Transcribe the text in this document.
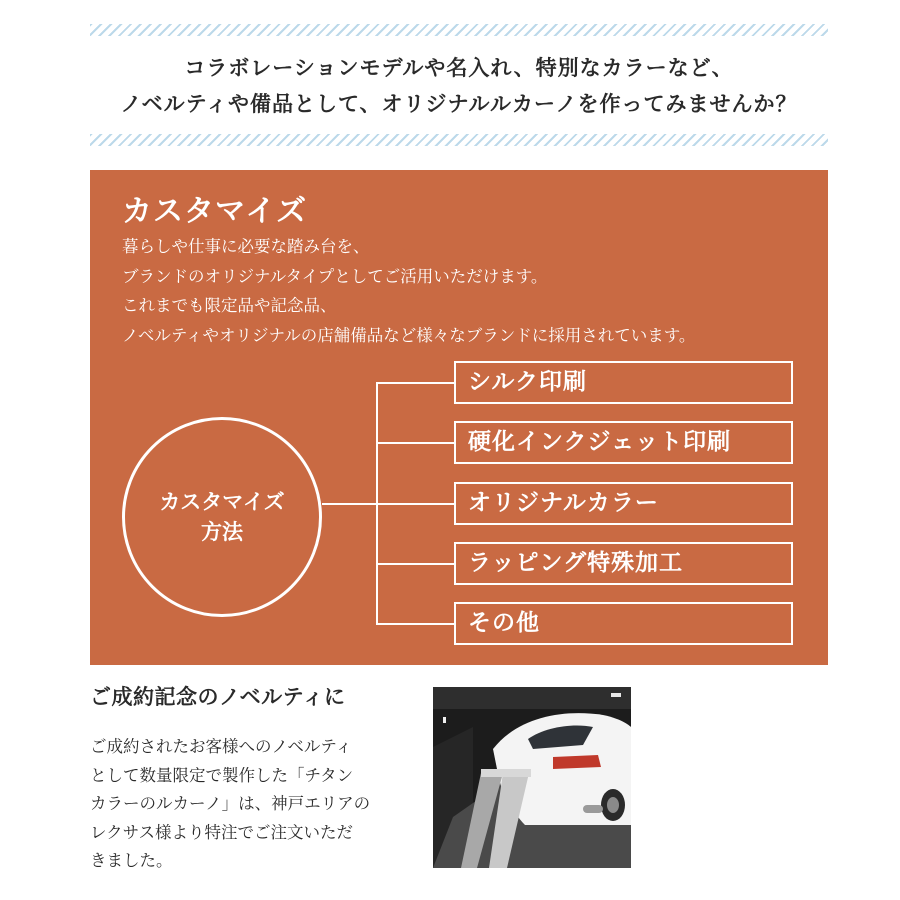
コラボレーションモデルや名入れ、特別なカラーなど、
ノベルティや備品として、オリジナルルカーノを作ってみませんか？
カスタマイズ

暮らしや仕事に必要な踏み台を、

ブランドのオリジナルタイプとしてご活用いただけます。

これまでも限定品や記念品、

ノベルティやオリジナルの店舗備品など様々なブランドに採用されています。

カスタマイズ
方法
シルク印刷
硬化インクジェット印刷
オリジナルカラー
ラッピング特殊加工
その他
ご成約記念のノベルティに

ご成約されたお客様へのノベルティ

として数量限定で製作した「チタン

カラーのルカーノ」は、神戸エリアの

レクサス様より特注でご注文いただ

きました。
